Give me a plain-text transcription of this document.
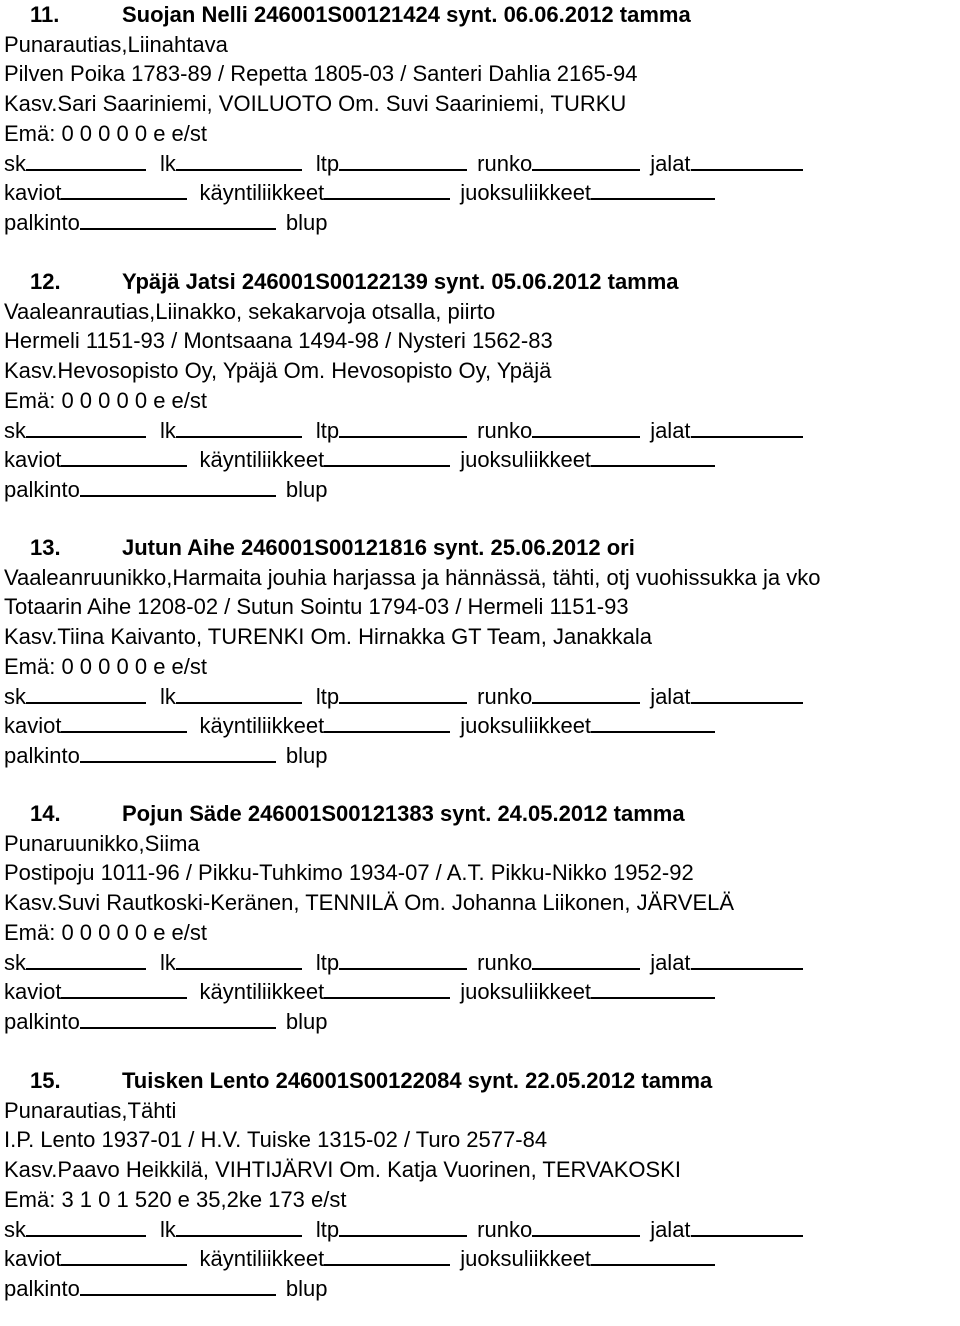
11.	Suojan Nelli 246001S00121424 synt. 06.06.2012 tamma
Punarautias,Liinahtava
Pilven Poika 1783-89 / Repetta 1805-03 / Santeri Dahlia 2165-94
Kasv.Sari Saariniemi, VOILUOTO Om. Suvi Saariniemi, TURKU
Emä: 0 0 0 0 0 e e/st
sk	lk	ltp	runko	jalat
kaviot	käyntiliikkeet	juoksuliikkeet
palkinto	blup
12.	Ypäjä Jatsi 246001S00122139 synt. 05.06.2012 tamma
Vaaleanrautias,Liinakko, sekakarvoja otsalla, piirto
Hermeli 1151-93 / Montsaana 1494-98 / Nysteri 1562-83
Kasv.Hevosopisto Oy, Ypäjä Om. Hevosopisto Oy, Ypäjä
Emä: 0 0 0 0 0 e e/st
sk	lk	ltp	runko	jalat
kaviot	käyntiliikkeet	juoksuliikkeet
palkinto	blup
13.	Jutun Aihe 246001S00121816 synt. 25.06.2012 ori
Vaaleanruunikko,Harmaita jouhia harjassa ja hännässä, tähti, otj vuohissukka ja vko
Totaarin Aihe 1208-02 / Sutun Sointu 1794-03 / Hermeli 1151-93
Kasv.Tiina Kaivanto, TURENKI Om. Hirnakka GT Team, Janakkala
Emä: 0 0 0 0 0 e e/st
sk	lk	ltp	runko	jalat
kaviot	käyntiliikkeet	juoksuliikkeet
palkinto	blup
14.	Pojun Säde 246001S00121383 synt. 24.05.2012 tamma
Punaruunikko,Siima
Postipoju 1011-96 / Pikku-Tuhkimo 1934-07 / A.T. Pikku-Nikko 1952-92
Kasv.Suvi Rautkoski-Keränen, TENNILÄ Om. Johanna Liikonen, JÄRVELÄ
Emä: 0 0 0 0 0 e e/st
sk	lk	ltp	runko	jalat
kaviot	käyntiliikkeet	juoksuliikkeet
palkinto	blup
15.	Tuisken Lento 246001S00122084 synt. 22.05.2012 tamma
Punarautias,Tähti
I.P. Lento 1937-01 / H.V. Tuiske 1315-02 / Turo 2577-84
Kasv.Paavo Heikkilä, VIHTIJÄRVI Om. Katja Vuorinen, TERVAKOSKI
Emä: 3 1 0 1 520 e 35,2ke 173 e/st
sk	lk	ltp	runko	jalat
kaviot	käyntiliikkeet	juoksuliikkeet
palkinto	blup
